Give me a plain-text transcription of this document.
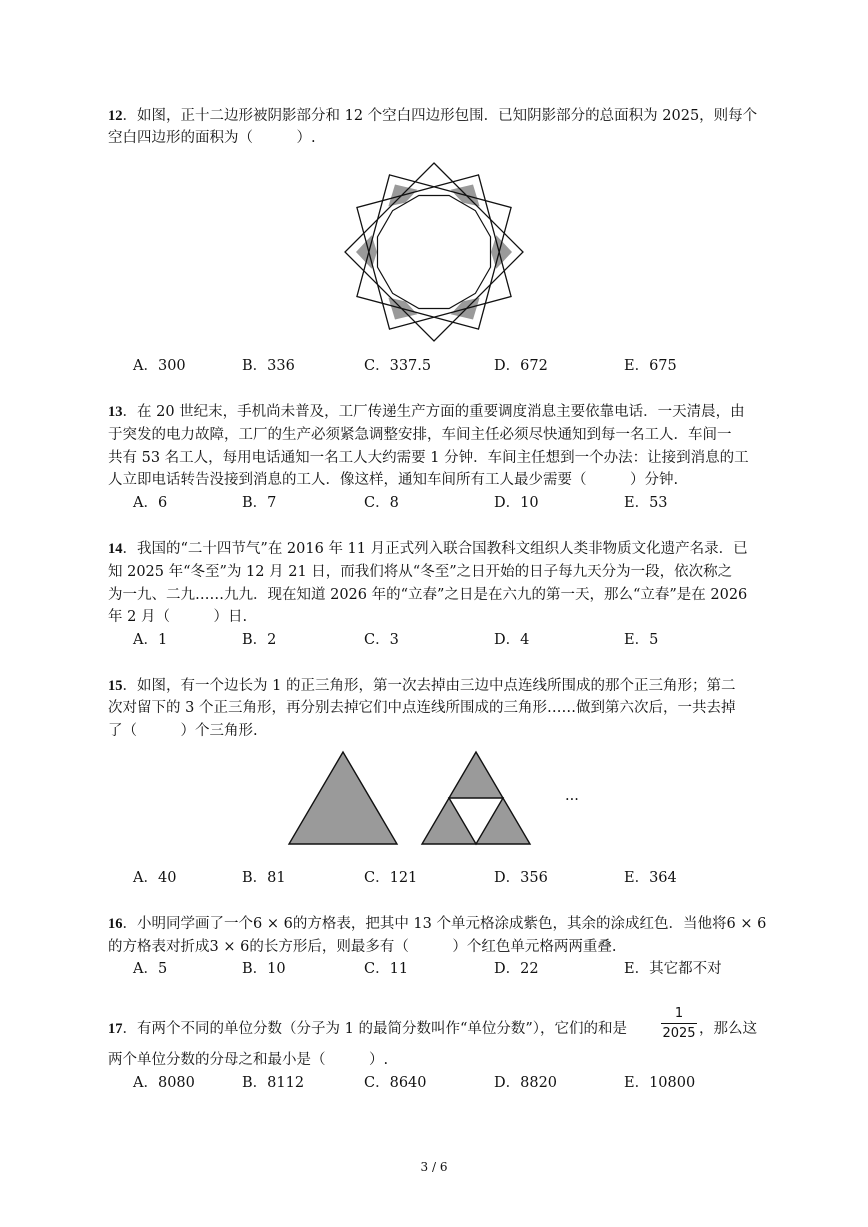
12．如图，正十二边形被阴影部分和 12 个空白四边形包围．已知阴影部分的总面积为 2025，则每个
空白四边形的面积为（　　　）.
A．300	B．336	C．337.5	D．672	E．675
13．在 20 世纪末，手机尚未普及，工厂传递生产方面的重要调度消息主要依靠电话．一天清晨，由
于突发的电力故障，工厂的生产必须紧急调整安排，车间主任必须尽快通知到每一名工人．车间一
共有 53 名工人，每用电话通知一名工人大约需要 1 分钟．车间主任想到一个办法：让接到消息的工
人立即电话转告没接到消息的工人．像这样，通知车间所有工人最少需要（　　　）分钟.
A．6	B．7	C．8	D．10	E．53
14．我国的“二十四节气”在 2016 年 11 月正式列入联合国教科文组织人类非物质文化遗产名录．已
知 2025 年“冬至”为 12 月 21 日，而我们将从“冬至”之日开始的日子每九天分为一段，依次称之
为一九、二九……九九．现在知道 2026 年的“立春”之日是在六九的第一天，那么“立春”是在 2026
年 2 月（　　　）日.
A．1	B．2	C．3	D．4	E．5
15．如图，有一个边长为 1 的正三角形，第一次去掉由三边中点连线所围成的那个正三角形；第二
次对留下的 3 个正三角形，再分别去掉它们中点连线所围成的三角形……做到第六次后，一共去掉
了（　　　）个三角形.
...
A．40	B．81	C．121	D．356	E．364
16．小明同学画了一个6 × 6的方格表，把其中 13 个单元格涂成紫色，其余的涂成红色．当他将6 × 6
的方格表对折成3 × 6的长方形后，则最多有（　　　）个红色单元格两两重叠.
A．5	B．10	C．11	D．22	E．其它都不对
17．有两个不同的单位分数（分子为 1 的最简分数叫作“单位分数”），它们的和是
1
2025 ，那么这
两个单位分数的分母之和最小是（　　　）.
A．8080	B．8112	C．8640	D．8820	E．10800
3 / 6
